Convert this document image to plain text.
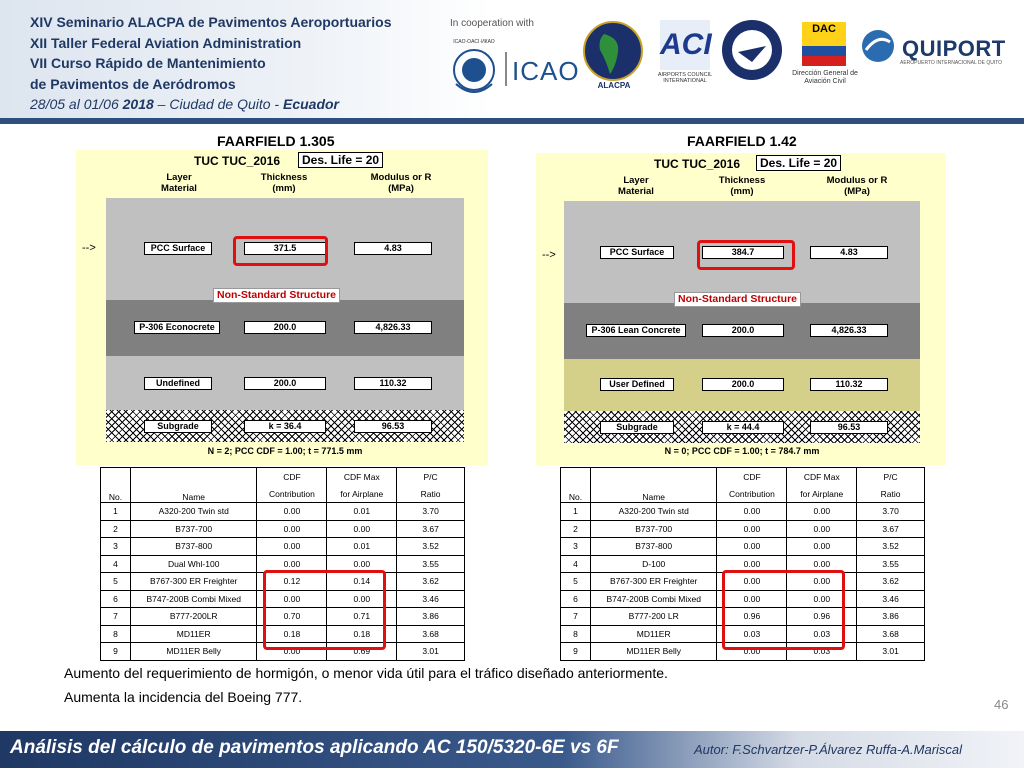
XIV Seminario ALACPA de Pavimentos Aeroportuarios
XII Taller Federal Aviation Administration
VII Curso Rápido de Mantenimiento
de Pavimentos de Aeródromos
28/05 al 01/06 2018 – Ciudad de Quito - Ecuador
In cooperation with
ICAO·OACI·ИКАО
ICAO	ALACPA
ACI
AIRPORTS COUNCIL INTERNATIONAL
DAC
Dirección General de Aviación Civil
QUIPORT
AEROPUERTO INTERNACIONAL DE QUITO
FAARFIELD 1.305
TUC TUC_2016	Des. Life = 20
Layer
Material
Thickness
(mm)
Modulus or R
(MPa)
-->	PCC Surface	371.5	4.83
Non-Standard Structure
P-306 Econocrete	200.0	4,826.33
Undefined	200.0	110.32
Subgrade	k = 36.4	96.53
N = 2; PCC CDF = 1.00; t = 771.5 mm
FAARFIELD 1.42
TUC TUC_2016	Des. Life = 20
Layer
Material
Thickness
(mm)
Modulus or R
(MPa)
-->	PCC Surface	384.7	4.83
Non-Standard Structure
P-306 Lean Concrete	200.0	4,826.33
User Defined	200.0	110.32
Subgrade	k = 44.4	96.53
N = 0; PCC CDF = 1.00; t = 784.7 mm
No.	Name	CDF	CDF Max	P/C
		Contribution	for Airplane	Ratio
1	A320-200 Twin std	0.00	0.01	3.70
2	B737-700	0.00	0.00	3.67
3	B737-800	0.00	0.01	3.52
4	Dual Whl-100	0.00	0.00	3.55
5	B767-300 ER Freighter	0.12	0.14	3.62
6	B747-200B Combi Mixed	0.00	0.00	3.46
7	B777-200LR	0.70	0.71	3.86
8	MD11ER	0.18	0.18	3.68
9	MD11ER Belly	0.00	0.69	3.01
No.	Name	CDF	CDF Max	P/C
		Contribution	for Airplane	Ratio
1	A320-200 Twin std	0.00	0.00	3.70
2	B737-700	0.00	0.00	3.67
3	B737-800	0.00	0.00	3.52
4	D-100	0.00	0.00	3.55
5	B767-300 ER Freighter	0.00	0.00	3.62
6	B747-200B Combi Mixed	0.00	0.00	3.46
7	B777-200 LR	0.96	0.96	3.86
8	MD11ER	0.03	0.03	3.68
9	MD11ER Belly	0.00	0.03	3.01
Aumento del requerimiento de hormigón, o menor vida útil para el tráfico diseñado anteriormente.
Aumenta la incidencia del Boeing 777.	46
Análisis del cálculo de pavimentos aplicando AC 150/5320-6E vs 6F	Autor: F.Schvartzer-P.Álvarez Ruffa-A.Mariscal
